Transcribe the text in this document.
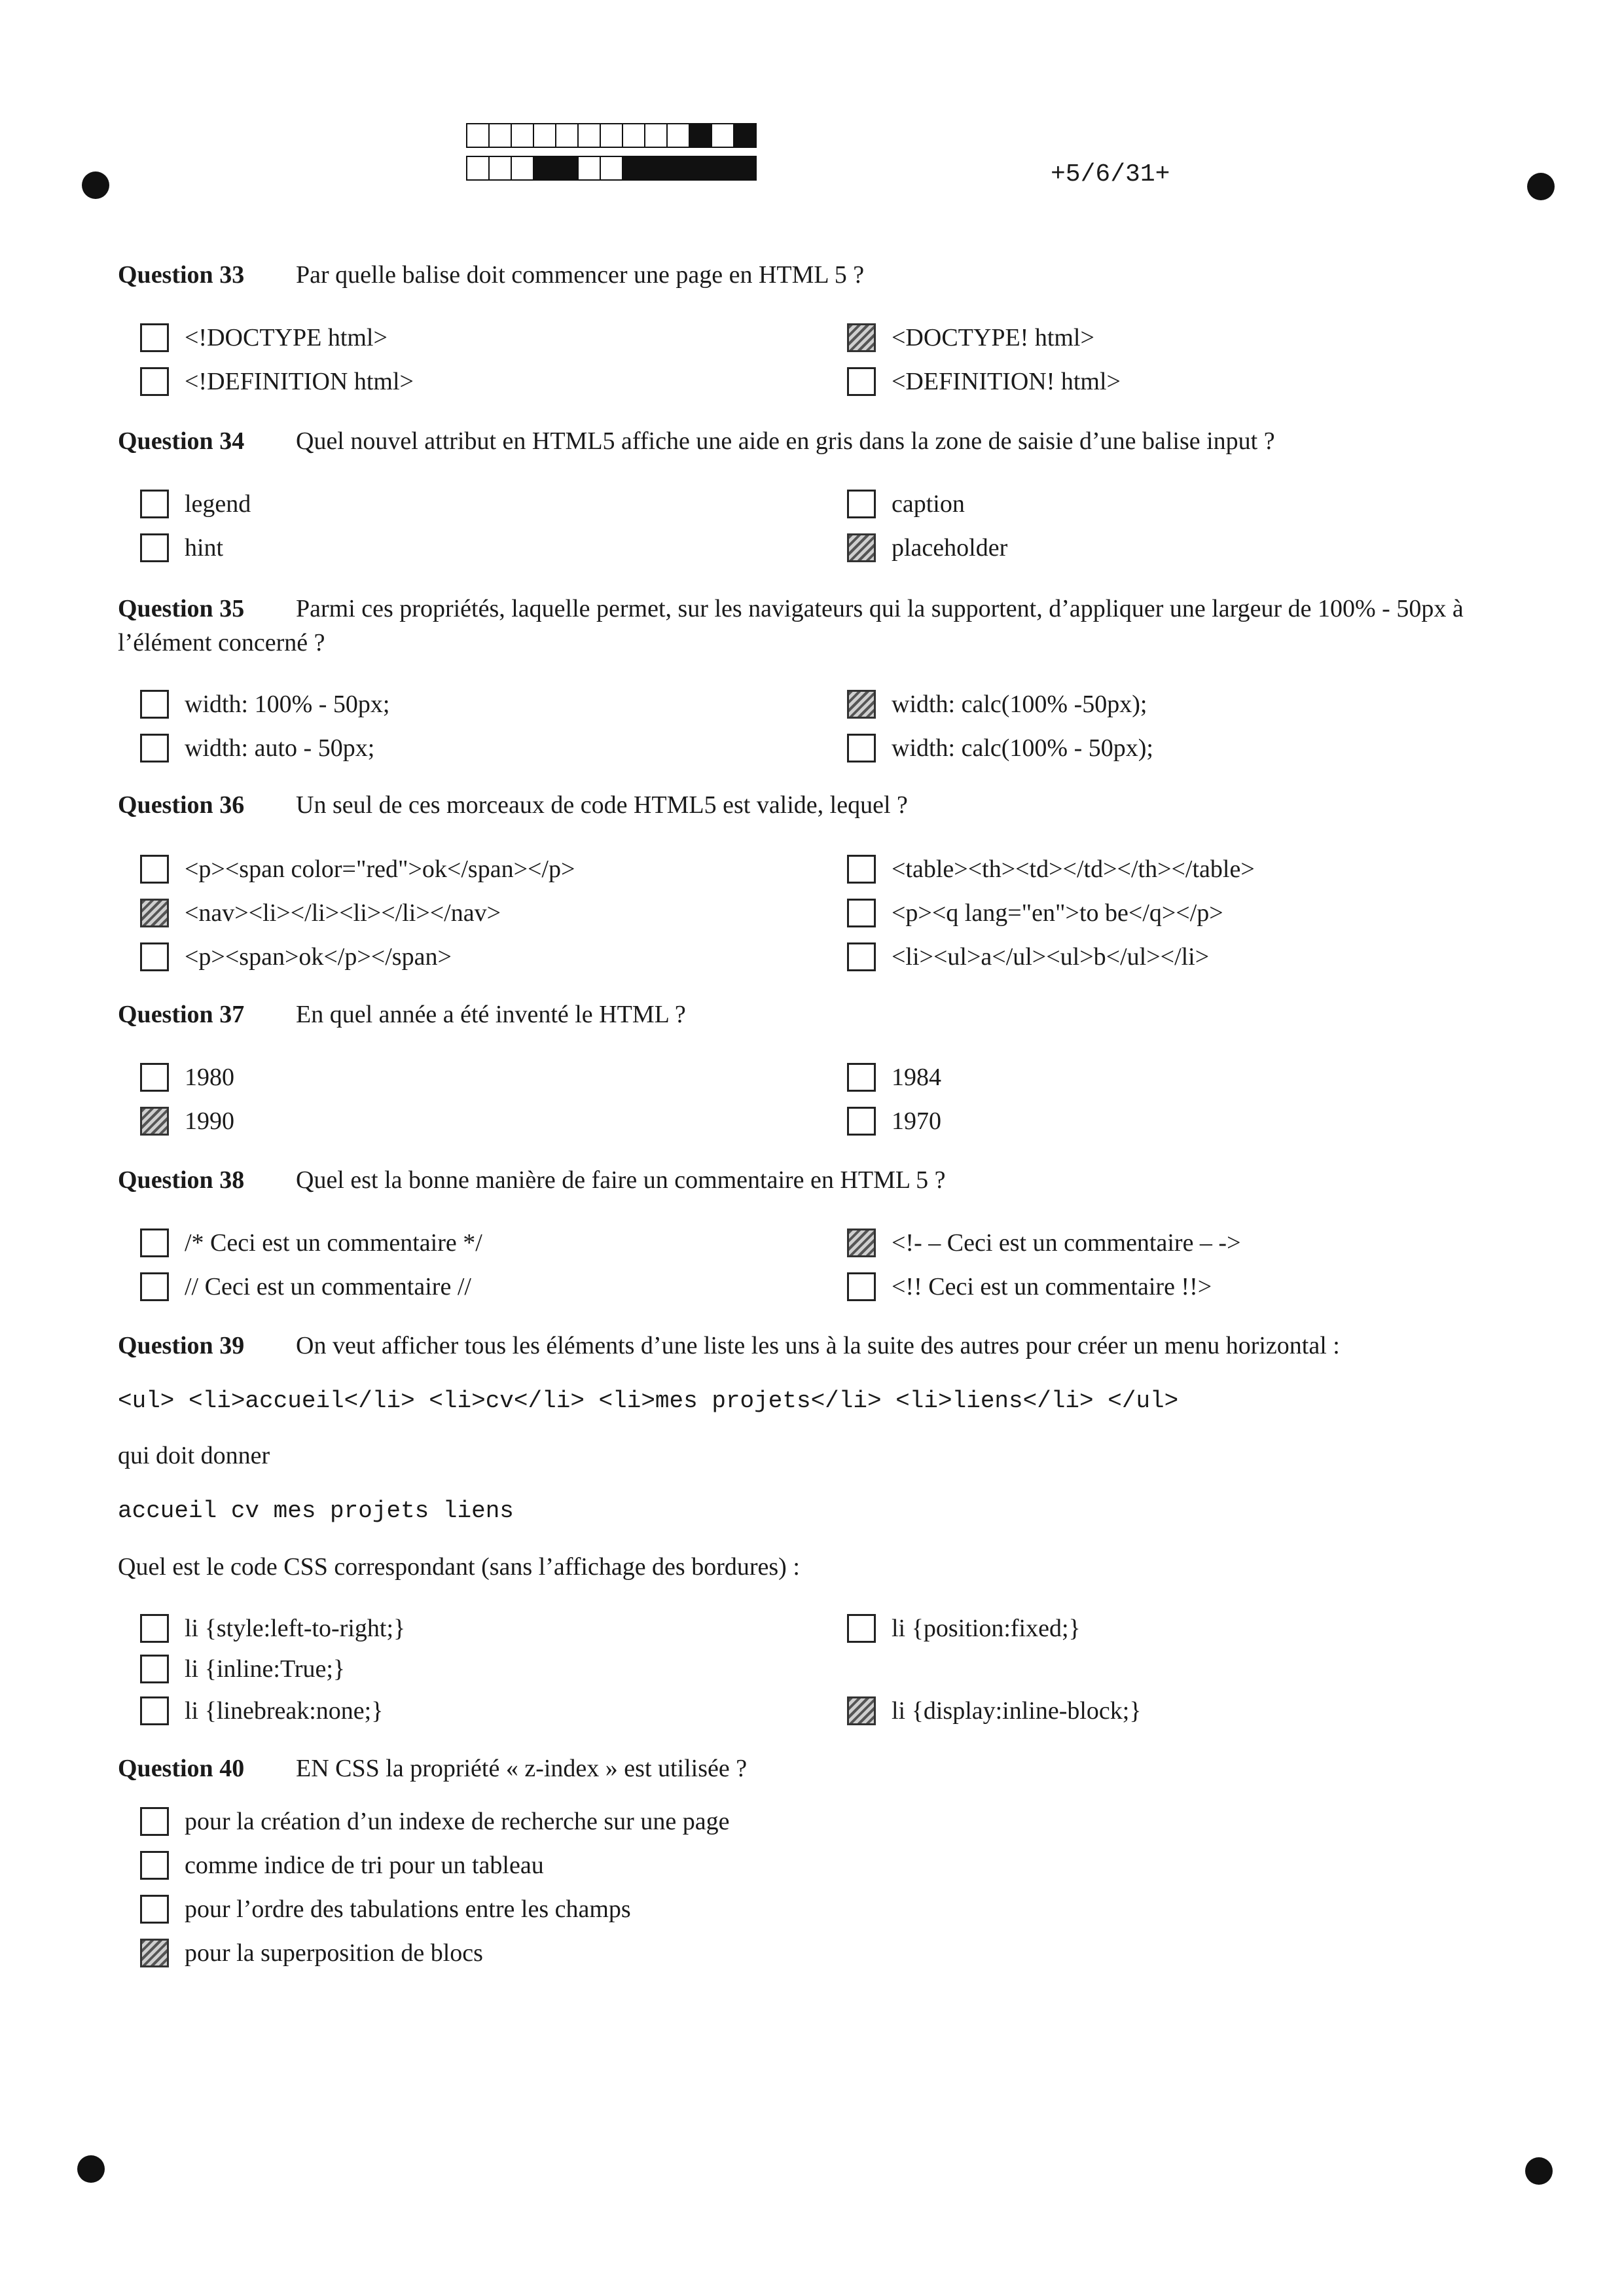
+5/6/31+
Question 33 Par quelle balise doit commencer une page en HTML 5 ?
<!DOCTYPE html>	<DOCTYPE! html>
<!DEFINITION html>	<DEFINITION! html>
Question 34 Quel nouvel attribut en HTML5 affiche une aide en gris dans la zone de saisie d’une balise input ?
legend	caption
hint	placeholder
Question 35 Parmi ces propriétés, laquelle permet, sur les navigateurs qui la supportent, d’appliquer une largeur de 100% - 50px à l’élément concerné ?
width: 100% - 50px;	width: calc(100% -50px);
width: auto - 50px;	width: calc(100% - 50px);
Question 36 Un seul de ces morceaux de code HTML5 est valide, lequel ?
<p><span color="red">ok</span></p>	<table><th><td></td></th></table>
<nav><li></li><li></li></nav>	<p><q lang="en">to be</q></p>
<p><span>ok</p></span>	<li><ul>a</ul><ul>b</ul></li>
Question 37 En quel année a été inventé le HTML ?
1980	1984
1990	1970
Question 38 Quel est la bonne manière de faire un commentaire en HTML 5 ?
/* Ceci est un commentaire */	<!- – Ceci est un commentaire – ->
// Ceci est un commentaire //	<!! Ceci est un commentaire !!>
Question 39 On veut afficher tous les éléments d’une liste les uns à la suite des autres pour créer un menu horizontal :
<ul> <li>accueil</li> <li>cv</li> <li>mes projets</li> <li>liens</li> </ul>
qui doit donner
accueil cv mes projets liens
Quel est le code CSS correspondant (sans l’affichage des bordures) :
li {style:left-to-right;}	li {position:fixed;}
li {inline:True;}
li {linebreak:none;}	li {display:inline-block;}
Question 40 EN CSS la propriété « z-index » est utilisée ?
pour la création d’un indexe de recherche sur une page
comme indice de tri pour un tableau
pour l’ordre des tabulations entre les champs
pour la superposition de blocs
